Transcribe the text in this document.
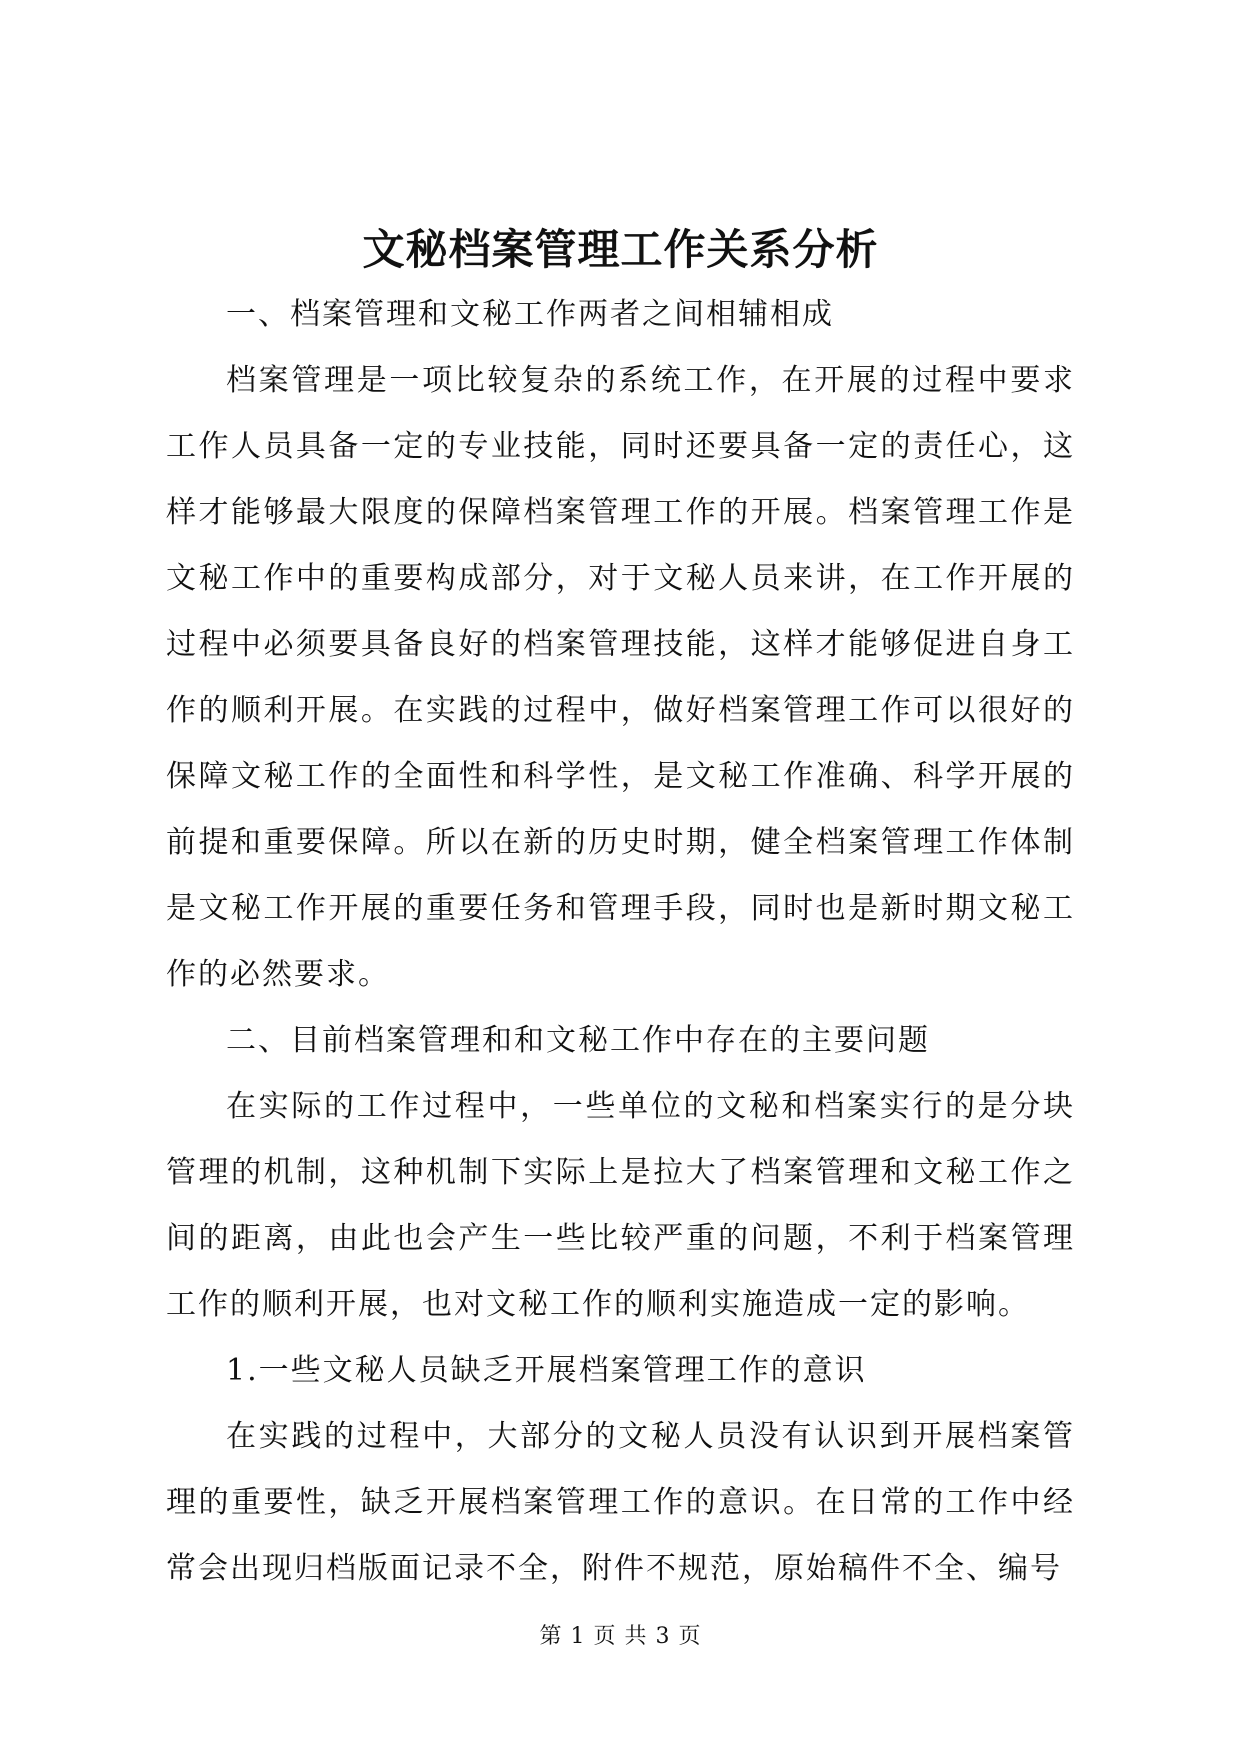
文秘档案管理工作关系分析

一、档案管理和文秘工作两者之间相辅相成

档案管理是一项比较复杂的系统工作，在开展的过程中要求工作人员具备一定的专业技能，同时还要具备一定的责任心，这样才能够最大限度的保障档案管理工作的开展。档案管理工作是文秘工作中的重要构成部分，对于文秘人员来讲，在工作开展的过程中必须要具备良好的档案管理技能，这样才能够促进自身工作的顺利开展。在实践的过程中，做好档案管理工作可以很好的保障文秘工作的全面性和科学性，是文秘工作准确、科学开展的前提和重要保障。所以在新的历史时期，健全档案管理工作体制是文秘工作开展的重要任务和管理手段，同时也是新时期文秘工作的必然要求。

二、目前档案管理和和文秘工作中存在的主要问题

在实际的工作过程中，一些单位的文秘和档案实行的是分块管理的机制，这种机制下实际上是拉大了档案管理和文秘工作之间的距离，由此也会产生一些比较严重的问题，不利于档案管理工作的顺利开展，也对文秘工作的顺利实施造成一定的影响。

1.一些文秘人员缺乏开展档案管理工作的意识

在实践的过程中，大部分的文秘人员没有认识到开展档案管理的重要性，缺乏开展档案管理工作的意识。在日常的工作中经常会出现归档版面记录不全，附件不规范，原始稿件不全、编号

第 1 页 共 3 页
